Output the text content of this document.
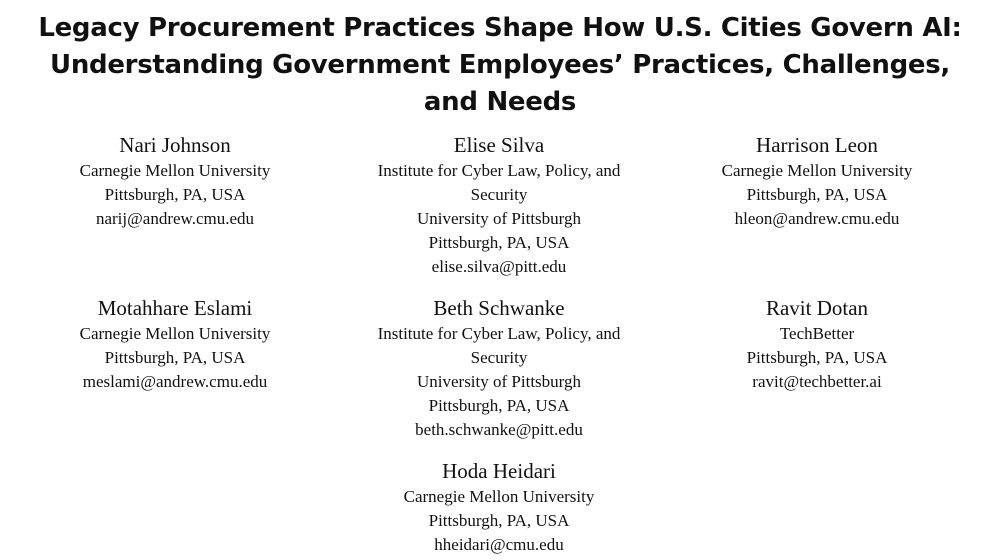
Legacy Procurement Practices Shape How U.S. Cities Govern AI:
Understanding Government Employees’ Practices, Challenges,
and Needs
Nari Johnson
Carnegie Mellon University
Pittsburgh, PA, USA
narij@andrew.cmu.edu
Elise Silva
Institute for Cyber Law, Policy, and
Security
University of Pittsburgh
Pittsburgh, PA, USA
elise.silva@pitt.edu
Harrison Leon
Carnegie Mellon University
Pittsburgh, PA, USA
hleon@andrew.cmu.edu
Motahhare Eslami
Carnegie Mellon University
Pittsburgh, PA, USA
meslami@andrew.cmu.edu
Beth Schwanke
Institute for Cyber Law, Policy, and
Security
University of Pittsburgh
Pittsburgh, PA, USA
beth.schwanke@pitt.edu
Ravit Dotan
TechBetter
Pittsburgh, PA, USA
ravit@techbetter.ai
Hoda Heidari
Carnegie Mellon University
Pittsburgh, PA, USA
hheidari@cmu.edu
